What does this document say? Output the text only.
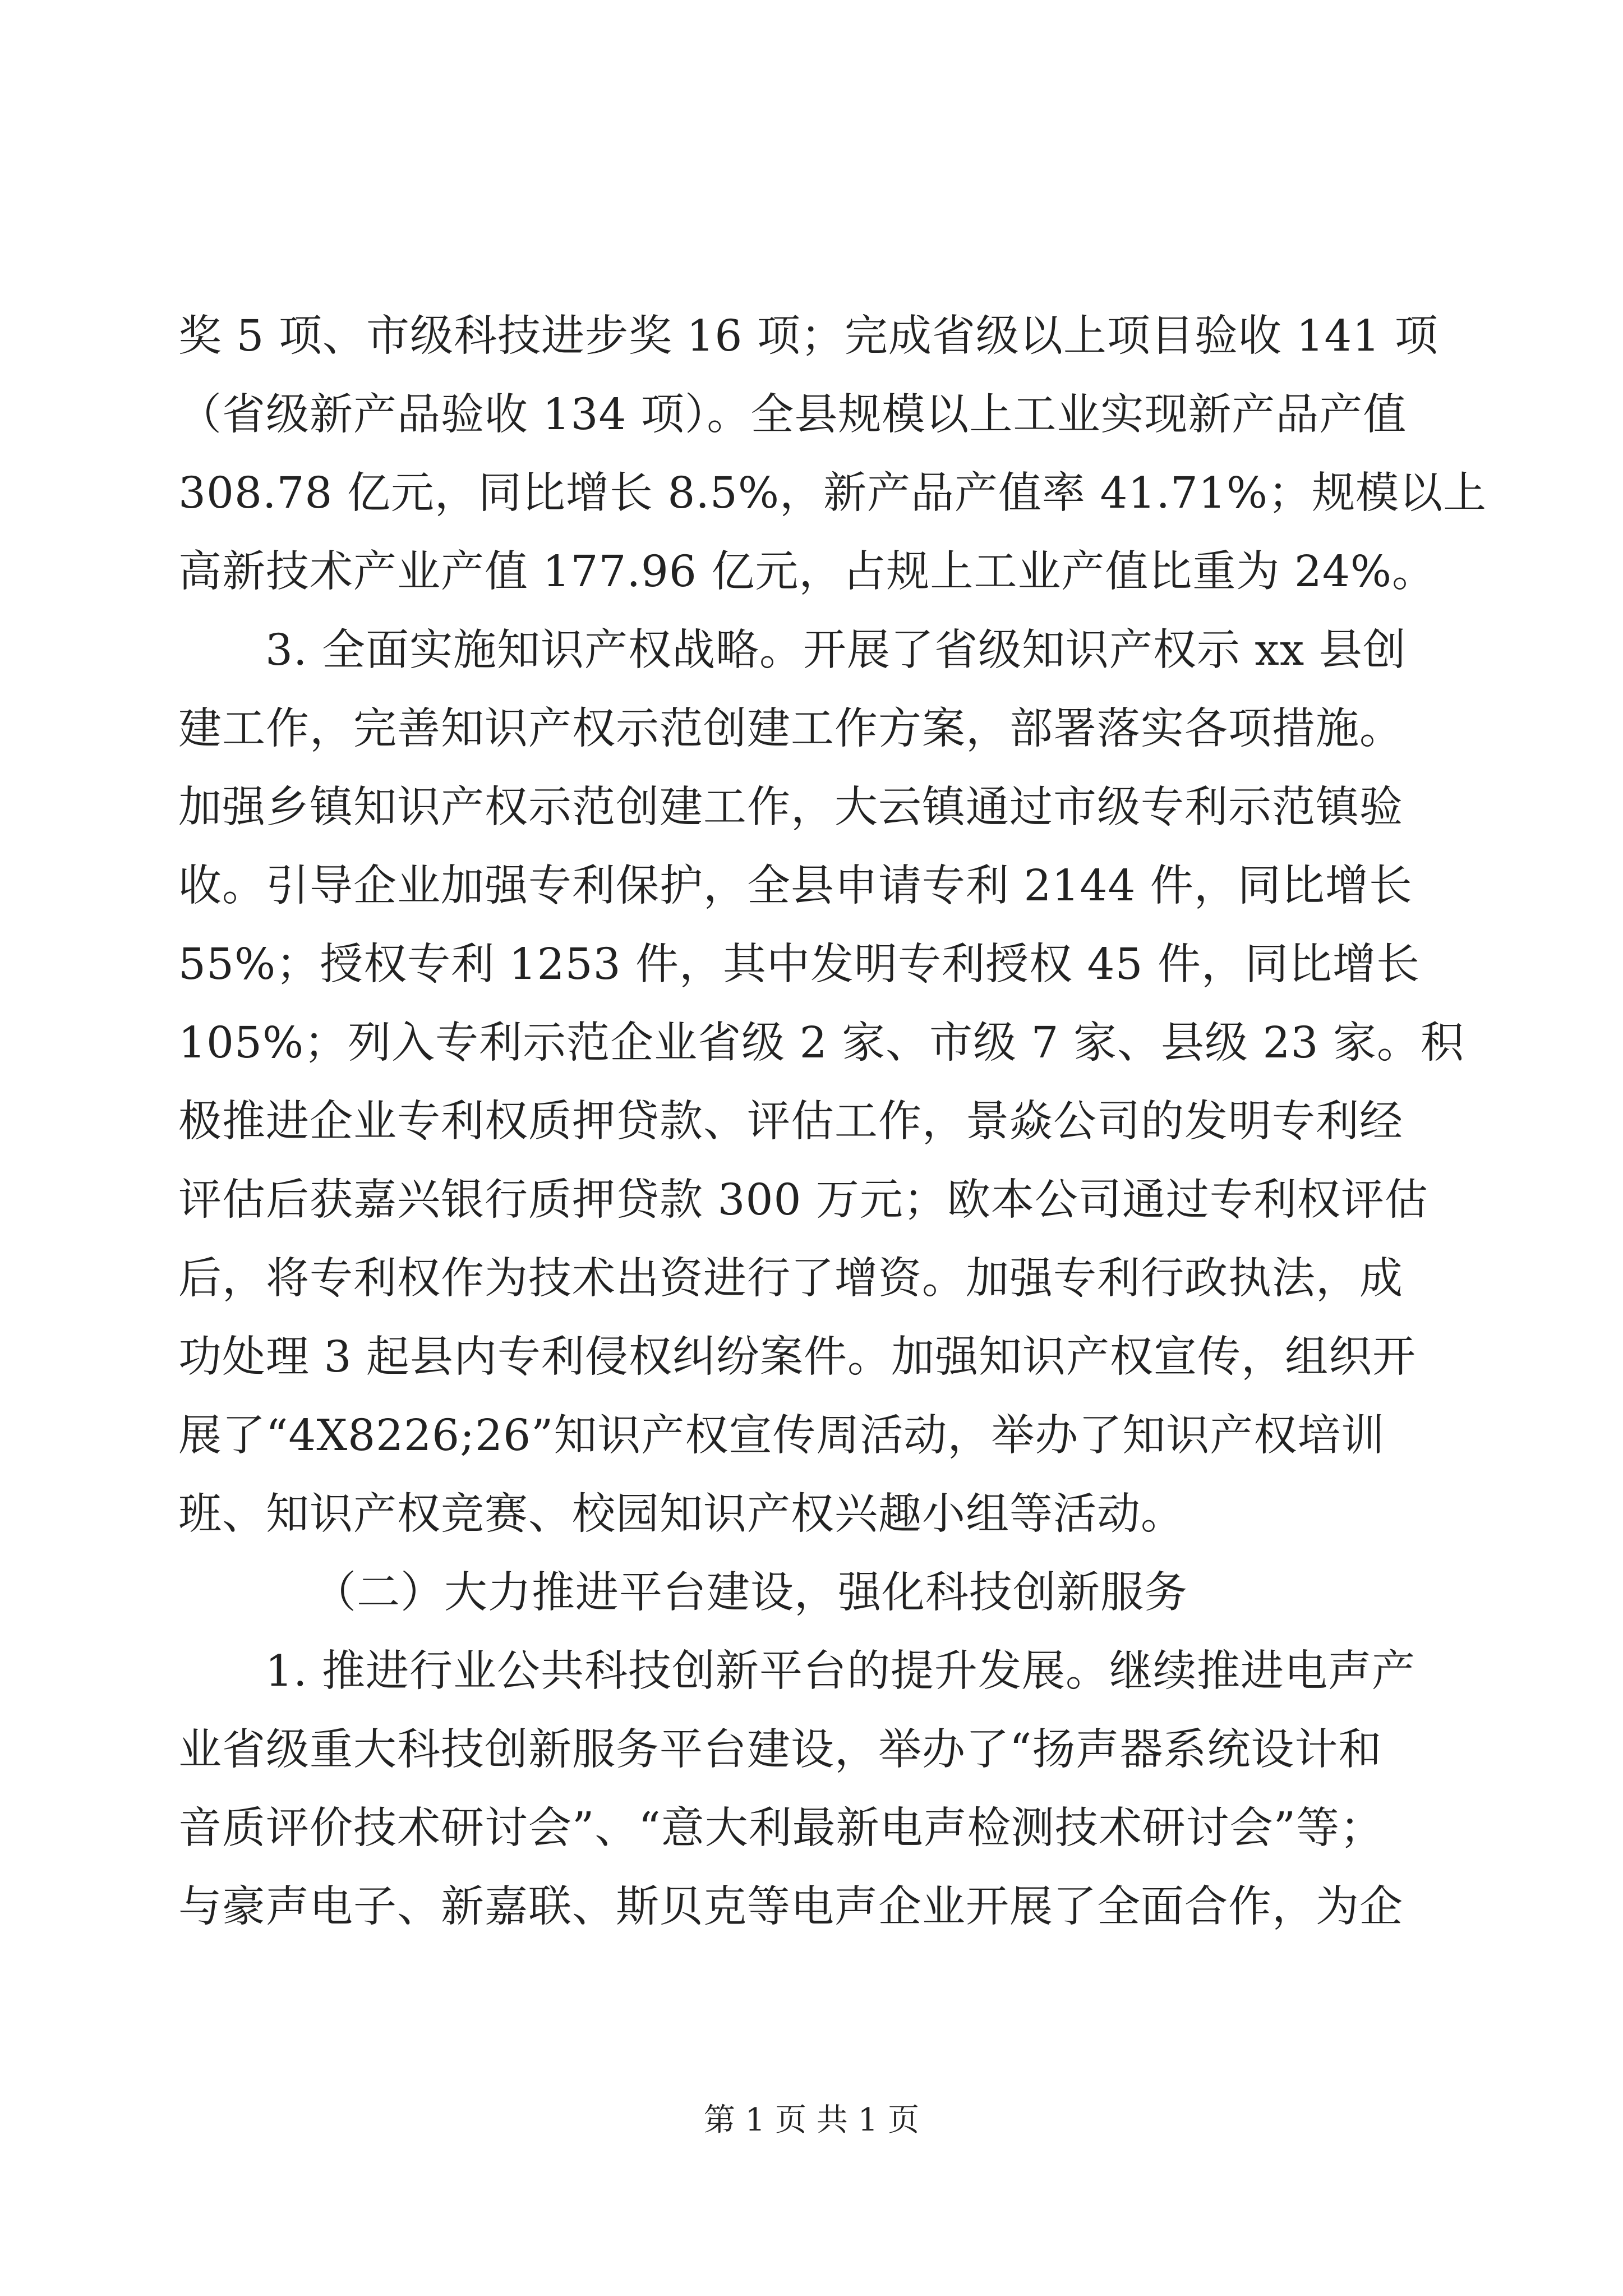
奖 5 项、市级科技进步奖 16 项；完成省级以上项目验收 141 项
（省级新产品验收 134 项）。全县规模以上工业实现新产品产值
308.78 亿元，同比增长 8.5%，新产品产值率 41.71%；规模以上
高新技术产业产值 177.96 亿元，占规上工业产值比重为 24%。
3. 全面实施知识产权战略。开展了省级知识产权示 xx 县创
建工作，完善知识产权示范创建工作方案，部署落实各项措施。
加强乡镇知识产权示范创建工作，大云镇通过市级专利示范镇验
收。引导企业加强专利保护，全县申请专利 2144 件，同比增长
55%；授权专利 1253 件，其中发明专利授权 45 件，同比增长
105%；列入专利示范企业省级 2 家、市级 7 家、县级 23 家。积
极推进企业专利权质押贷款、评估工作，景焱公司的发明专利经
评估后获嘉兴银行质押贷款 300 万元；欧本公司通过专利权评估
后，将专利权作为技术出资进行了增资。加强专利行政执法，成
功处理 3 起县内专利侵权纠纷案件。加强知识产权宣传，组织开
展了“4X8226;26”知识产权宣传周活动，举办了知识产权培训
班、知识产权竞赛、校园知识产权兴趣小组等活动。
（二）大力推进平台建设，强化科技创新服务
1. 推进行业公共科技创新平台的提升发展。继续推进电声产
业省级重大科技创新服务平台建设，举办了“扬声器系统设计和
音质评价技术研讨会”、“意大利最新电声检测技术研讨会”等；
与豪声电子、新嘉联、斯贝克等电声企业开展了全面合作，为企
第 1 页 共 1 页
